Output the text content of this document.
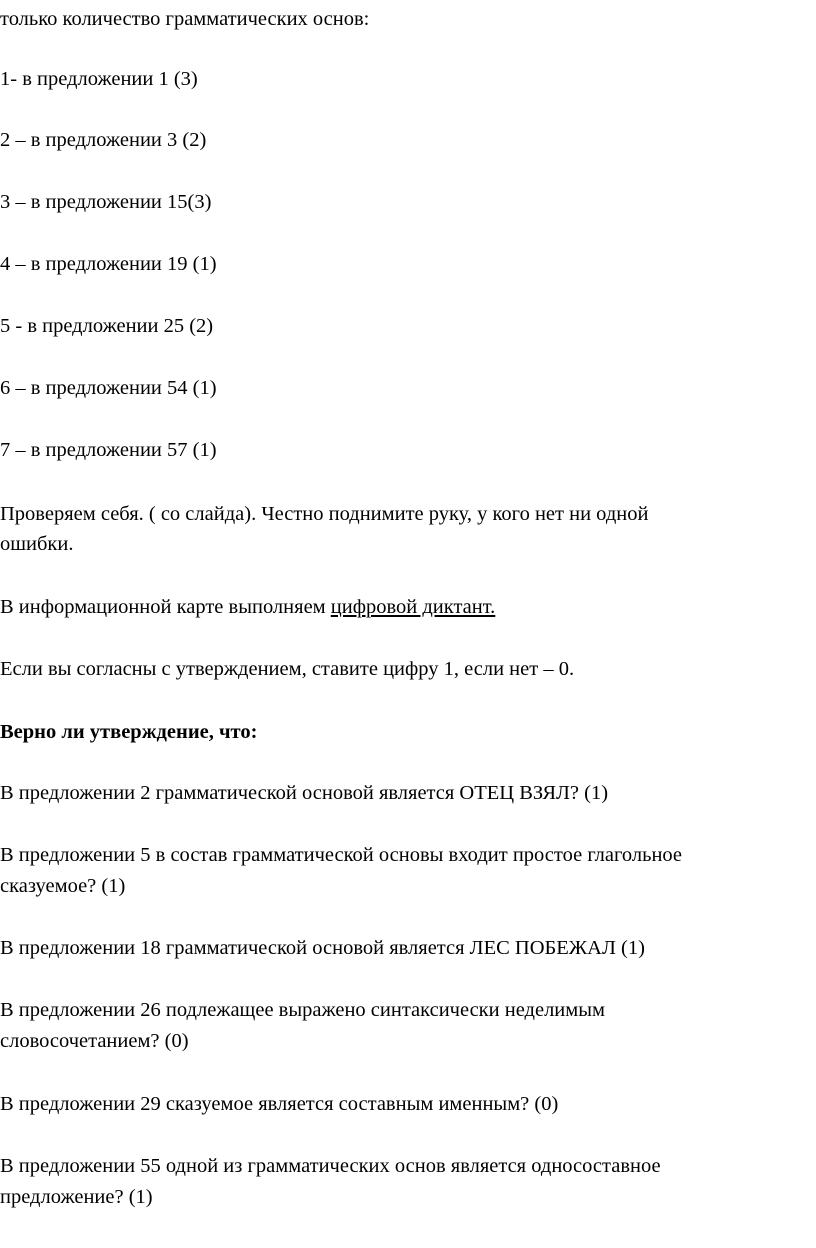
только количество грамматических основ:

1- в предложении 1 (3)

2 – в предложении 3 (2)

3 – в предложении 15(3)

4 – в предложении 19 (1)

5 - в предложении 25 (2)

6 – в предложении 54 (1)

7 – в предложении 57 (1)

Проверяем себя. ( со слайда). Честно поднимите руку, у кого нет ни одной

ошибки.

В информационной карте выполняем цифровой диктант.

Если вы согласны с утверждением, ставите цифру 1, если нет – 0.

Верно ли утверждение, что:

В предложении 2 грамматической основой является ОТЕЦ ВЗЯЛ? (1)

В предложении 5 в состав грамматической основы входит простое глагольное

сказуемое? (1)

В предложении 18 грамматической основой является ЛЕС ПОБЕЖАЛ (1)

В предложении 26 подлежащее выражено синтаксически неделимым

словосочетанием? (0)

В предложении 29 сказуемое является составным именным? (0)

В предложении 55 одной из грамматических основ является односоставное

предложение? (1)
